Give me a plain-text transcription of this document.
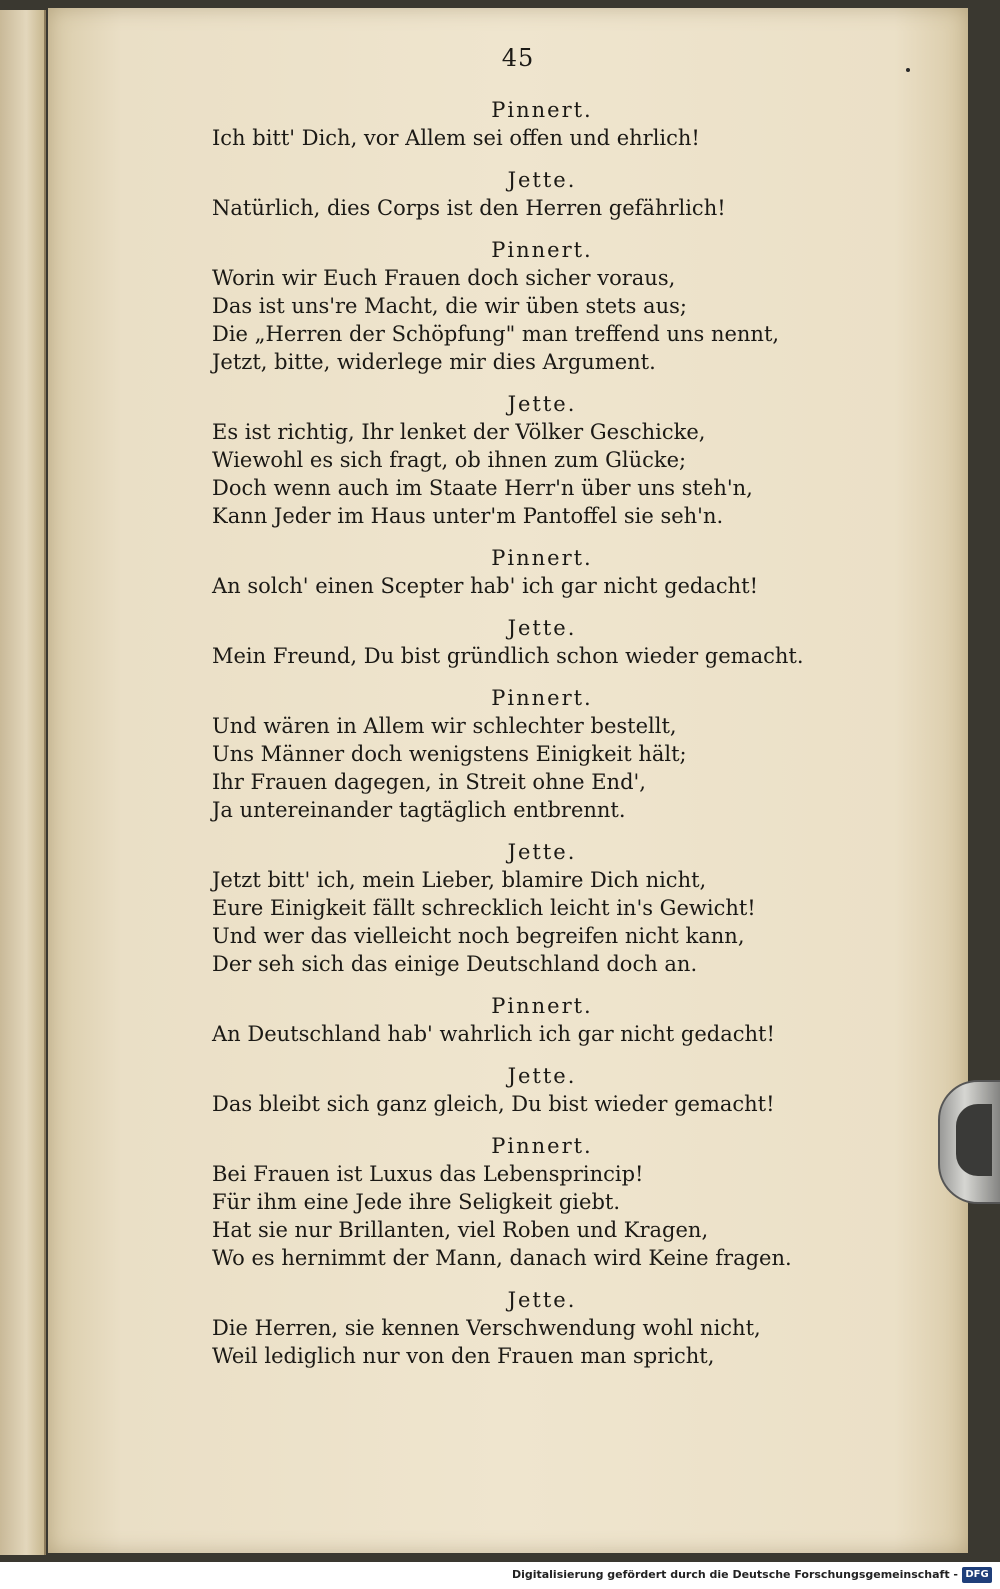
45

Pinnert.

Ich bitt' Dich, vor Allem sei offen und ehrlich!

Jette.

Natürlich, dies Corps ist den Herren gefährlich!

Pinnert.

Worin wir Euch Frauen doch sicher voraus,

Das ist uns're Macht, die wir üben stets aus;

Die „Herren der Schöpfung" man treffend uns nennt,

Jetzt, bitte, widerlege mir dies Argument.

Jette.

Es ist richtig, Ihr lenket der Völker Geschicke,

Wiewohl es sich fragt, ob ihnen zum Glücke;

Doch wenn auch im Staate Herr'n über uns steh'n,

Kann Jeder im Haus unter'm Pantoffel sie seh'n.

Pinnert.

An solch' einen Scepter hab' ich gar nicht gedacht!

Jette.

Mein Freund, Du bist gründlich schon wieder gemacht.

Pinnert.

Und wären in Allem wir schlechter bestellt,

Uns Männer doch wenigstens Einigkeit hält;

Ihr Frauen dagegen, in Streit ohne End',

Ja untereinander tagtäglich entbrennt.

Jette.

Jetzt bitt' ich, mein Lieber, blamire Dich nicht,

Eure Einigkeit fällt schrecklich leicht in's Gewicht!

Und wer das vielleicht noch begreifen nicht kann,

Der seh sich das einige Deutschland doch an.

Pinnert.

An Deutschland hab' wahrlich ich gar nicht gedacht!

Jette.

Das bleibt sich ganz gleich, Du bist wieder gemacht!

Pinnert.

Bei Frauen ist Luxus das Lebensprincip!

Für ihm eine Jede ihre Seligkeit giebt.

Hat sie nur Brillanten, viel Roben und Kragen,

Wo es hernimmt der Mann, danach wird Keine fragen.

Jette.

Die Herren, sie kennen Verschwendung wohl nicht,

Weil lediglich nur von den Frauen man spricht,

Digitalisierung gefördert durch die Deutsche Forschungsgemeinschaft - DFG
